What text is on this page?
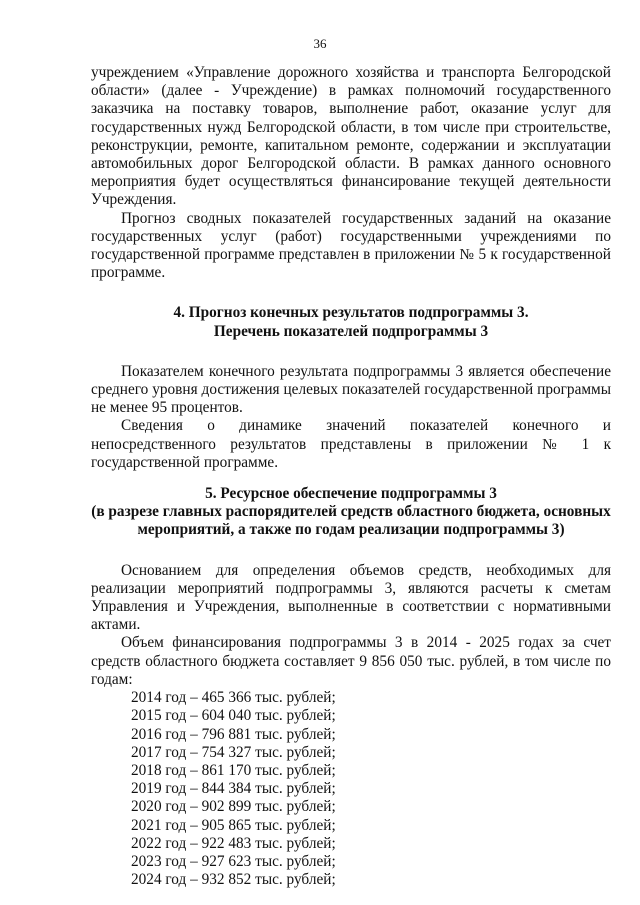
36

учреждением «Управление дорожного хозяйства и транспорта Белгородской области» (далее - Учреждение) в рамках полномочий государственного заказчика на поставку товаров, выполнение работ, оказание услуг для государственных нужд Белгородской области, в том числе при строительстве, реконструкции, ремонте, капитальном ремонте, содержании и эксплуатации автомобильных дорог Белгородской области. В рамках данного основного мероприятия будет осуществляться финансирование текущей деятельности Учреждения.

Прогноз сводных показателей государственных заданий на оказание государственных услуг (работ) государственными учреждениями по государственной программе представлен в приложении № 5 к государственной программе.

4. Прогноз конечных результатов подпрограммы 3.

Перечень показателей подпрограммы 3

Показателем конечного результата подпрограммы 3 является обеспечение среднего уровня достижения целевых показателей государственной программы не менее 95 процентов.

Сведения о динамике значений показателей конечного и непосредственного результатов представлены в приложении № 1 к государственной программе.

5. Ресурсное обеспечение подпрограммы 3

(в разрезе главных распорядителей средств областного бюджета, основных мероприятий, а также по годам реализации подпрограммы 3)

Основанием для определения объемов средств, необходимых для реализации мероприятий подпрограммы 3, являются расчеты к сметам Управления и Учреждения, выполненные в соответствии с нормативными актами.

Объем финансирования подпрограммы 3 в 2014 - 2025 годах за счет средств областного бюджета составляет 9 856 050 тыс. рублей, в том числе по годам:

2014 год – 465 366 тыс. рублей;

2015 год – 604 040 тыс. рублей;

2016 год – 796 881 тыс. рублей;

2017 год – 754 327 тыс. рублей;

2018 год – 861 170 тыс. рублей;

2019 год – 844 384 тыс. рублей;

2020 год – 902 899 тыс. рублей;

2021 год – 905 865 тыс. рублей;

2022 год – 922 483 тыс. рублей;

2023 год – 927 623 тыс. рублей;

2024 год – 932 852 тыс. рублей;
